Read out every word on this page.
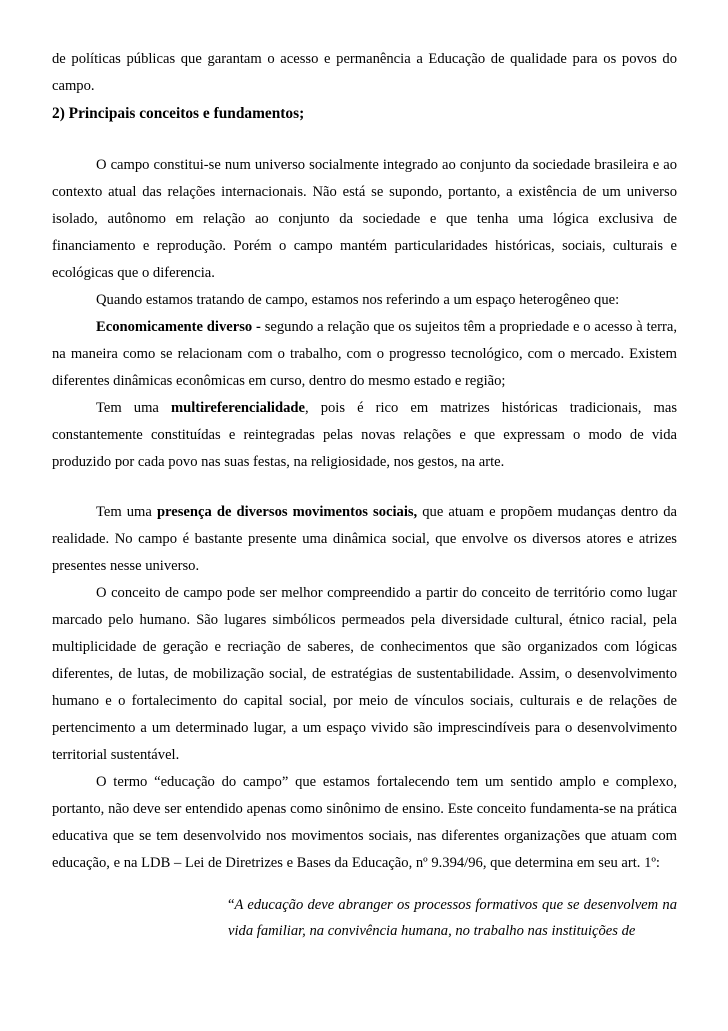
de políticas públicas que garantam o acesso e permanência a Educação de qualidade para os povos do campo.

2) Principais conceitos e fundamentos;

O campo constitui-se num universo socialmente integrado ao conjunto da sociedade brasileira e ao contexto atual das relações internacionais. Não está se supondo, portanto, a existência de um universo isolado, autônomo em relação ao conjunto da sociedade e que tenha uma lógica exclusiva de financiamento e reprodução. Porém o campo mantém particularidades históricas, sociais, culturais e ecológicas que o diferencia.

Quando estamos tratando de campo, estamos nos referindo a um espaço heterogêneo que:

Economicamente diverso - segundo a relação que os sujeitos têm a propriedade e o acesso à terra, na maneira como se relacionam com o trabalho, com o progresso tecnológico, com o mercado. Existem diferentes dinâmicas econômicas em curso, dentro do mesmo estado e região;

Tem uma multireferencialidade, pois é rico em matrizes históricas tradicionais, mas constantemente constituídas e reintegradas pelas novas relações e que expressam o modo de vida produzido por cada povo nas suas festas, na religiosidade, nos gestos, na arte.

Tem uma presença de diversos movimentos sociais, que atuam e propõem mudanças dentro da realidade. No campo é bastante presente uma dinâmica social, que envolve os diversos atores e atrizes presentes nesse universo.

O conceito de campo pode ser melhor compreendido a partir do conceito de território como lugar marcado pelo humano. São lugares simbólicos permeados pela diversidade cultural, étnico racial, pela multiplicidade de geração e recriação de saberes, de conhecimentos que são organizados com lógicas diferentes, de lutas, de mobilização social, de estratégias de sustentabilidade. Assim, o desenvolvimento humano e o fortalecimento do capital social, por meio de vínculos sociais, culturais e de relações de pertencimento a um determinado lugar, a um espaço vivido são imprescindíveis para o desenvolvimento territorial sustentável.

O termo “educação do campo” que estamos fortalecendo tem um sentido amplo e complexo, portanto, não deve ser entendido apenas como sinônimo de ensino. Este conceito fundamenta-se na prática educativa que se tem desenvolvido nos movimentos sociais, nas diferentes organizações que atuam com educação, e na LDB – Lei de Diretrizes e Bases da Educação, nº 9.394/96, que determina em seu art. 1º:

“A educação deve abranger os processos formativos que se desenvolvem na vida familiar, na convivência humana, no trabalho nas instituições de
